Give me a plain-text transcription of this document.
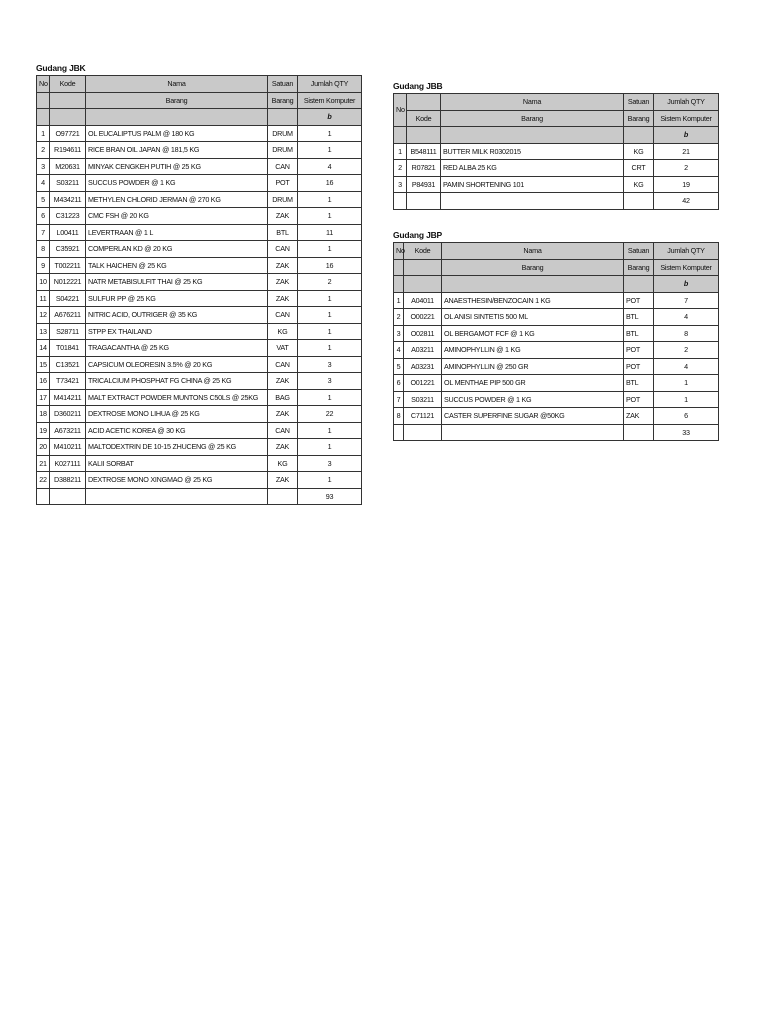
Gudang JBK
No	Kode	Nama	Satuan	Jumlah QTY
		Barang	Barang	Sistem Komputer
				b
1	O97721	OL EUCALIPTUS PALM @ 180 KG	DRUM	1
2	R194611	RICE BRAN OIL JAPAN @ 181,5 KG	DRUM	1
3	M20631	MINYAK CENGKEH PUTIH @ 25 KG	CAN	4
4	S03211	SUCCUS POWDER @ 1 KG	POT	16
5	M434211	METHYLEN CHLORID JERMAN @ 270 KG	DRUM	1
6	C31223	CMC FSH @ 20 KG	ZAK	1
7	L00411	LEVERTRAAN @ 1 L	BTL	11
8	C35921	COMPERLAN KD @ 20 KG	CAN	1
9	T002211	TALK HAICHEN @ 25 KG	ZAK	16
10	N012221	NATR METABISULFIT THAI @ 25 KG	ZAK	2
11	S04221	SULFUR PP @ 25 KG	ZAK	1
12	A676211	NITRIC ACID, OUTRIGER @ 35 KG	CAN	1
13	S28711	STPP EX THAILAND	KG	1
14	T01841	TRAGACANTHA @ 25 KG	VAT	1
15	C13521	CAPSICUM OLEORESIN 3.5% @ 20 KG	CAN	3
16	T73421	TRICALCIUM PHOSPHAT FG CHINA @ 25 KG	ZAK	3
17	M414211	MALT EXTRACT POWDER MUNTONS C50LS @ 25KG	BAG	1
18	D360211	DEXTROSE MONO LIHUA @ 25 KG	ZAK	22
19	A673211	ACID ACETIC KOREA @ 30 KG	CAN	1
20	M410211	MALTODEXTRIN DE 10-15 ZHUCENG @ 25 KG	ZAK	1
21	K027111	KALII SORBAT	KG	3
22	D388211	DEXTROSE MONO XINGMAO @ 25 KG	ZAK	1
				93
Gudang JBB
No		Nama	Satuan	Jumlah QTY
	Kode	Barang	Barang	Sistem Komputer
				b
1	B548111	BUTTER MILK R0302015	KG	21
2	R07821	RED ALBA 25 KG	CRT	2
3	P84931	PAMIN SHORTENING 101	KG	19
				42
Gudang JBP
No	Kode	Nama	Satuan	Jumlah QTY
		Barang	Barang	Sistem Komputer
				b
1	A04011	ANAESTHESIN/BENZOCAIN 1 KG	POT	7
2	O00221	OL ANISI SINTETIS 500 ML	BTL	4
3	O02811	OL BERGAMOT FCF @ 1 KG	BTL	8
4	A03211	AMINOPHYLLIN @ 1 KG	POT	2
5	A03231	AMINOPHYLLIN @ 250 GR	POT	4
6	O01221	OL MENTHAE PIP 500 GR	BTL	1
7	S03211	SUCCUS POWDER @ 1 KG	POT	1
8	C71121	CASTER SUPERFINE SUGAR @50KG	ZAK	6
				33
